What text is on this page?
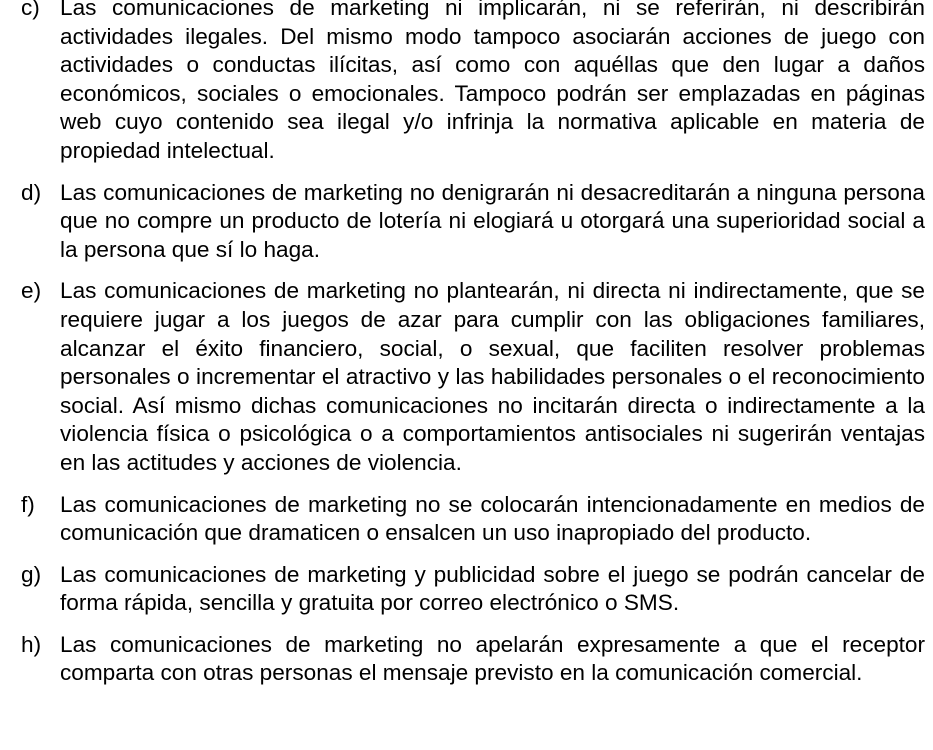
c) Las comunicaciones de marketing ni implicarán, ni se referirán, ni describirán actividades ilegales. Del mismo modo tampoco asociarán acciones de juego con actividades o conductas ilícitas, así como con aquéllas que den lugar a daños económicos, sociales o emocionales. Tampoco podrán ser emplazadas en páginas web cuyo contenido sea ilegal y/o infrinja la normativa aplicable en materia de propiedad intelectual.
d) Las comunicaciones de marketing no denigrarán ni desacreditarán a ninguna persona que no compre un producto de lotería ni elogiará u otorgará una superioridad social a la persona que sí lo haga.
e) Las comunicaciones de marketing no plantearán, ni directa ni indirectamente, que se requiere jugar a los juegos de azar para cumplir con las obligaciones familiares, alcanzar el éxito financiero, social, o sexual, que faciliten resolver problemas personales o incrementar el atractivo y las habilidades personales o el reconocimiento social. Así mismo dichas comunicaciones no incitarán directa o indirectamente a la violencia física o psicológica o a comportamientos antisociales ni sugerirán ventajas en las actitudes y acciones de violencia.
f) Las comunicaciones de marketing no se colocarán intencionadamente en medios de comunicación que dramaticen o ensalcen un uso inapropiado del producto.
g) Las comunicaciones de marketing y publicidad sobre el juego se podrán cancelar de forma rápida, sencilla y gratuita por correo electrónico o SMS.
h) Las comunicaciones de marketing no apelarán expresamente a que el receptor comparta con otras personas el mensaje previsto en la comunicación comercial.
